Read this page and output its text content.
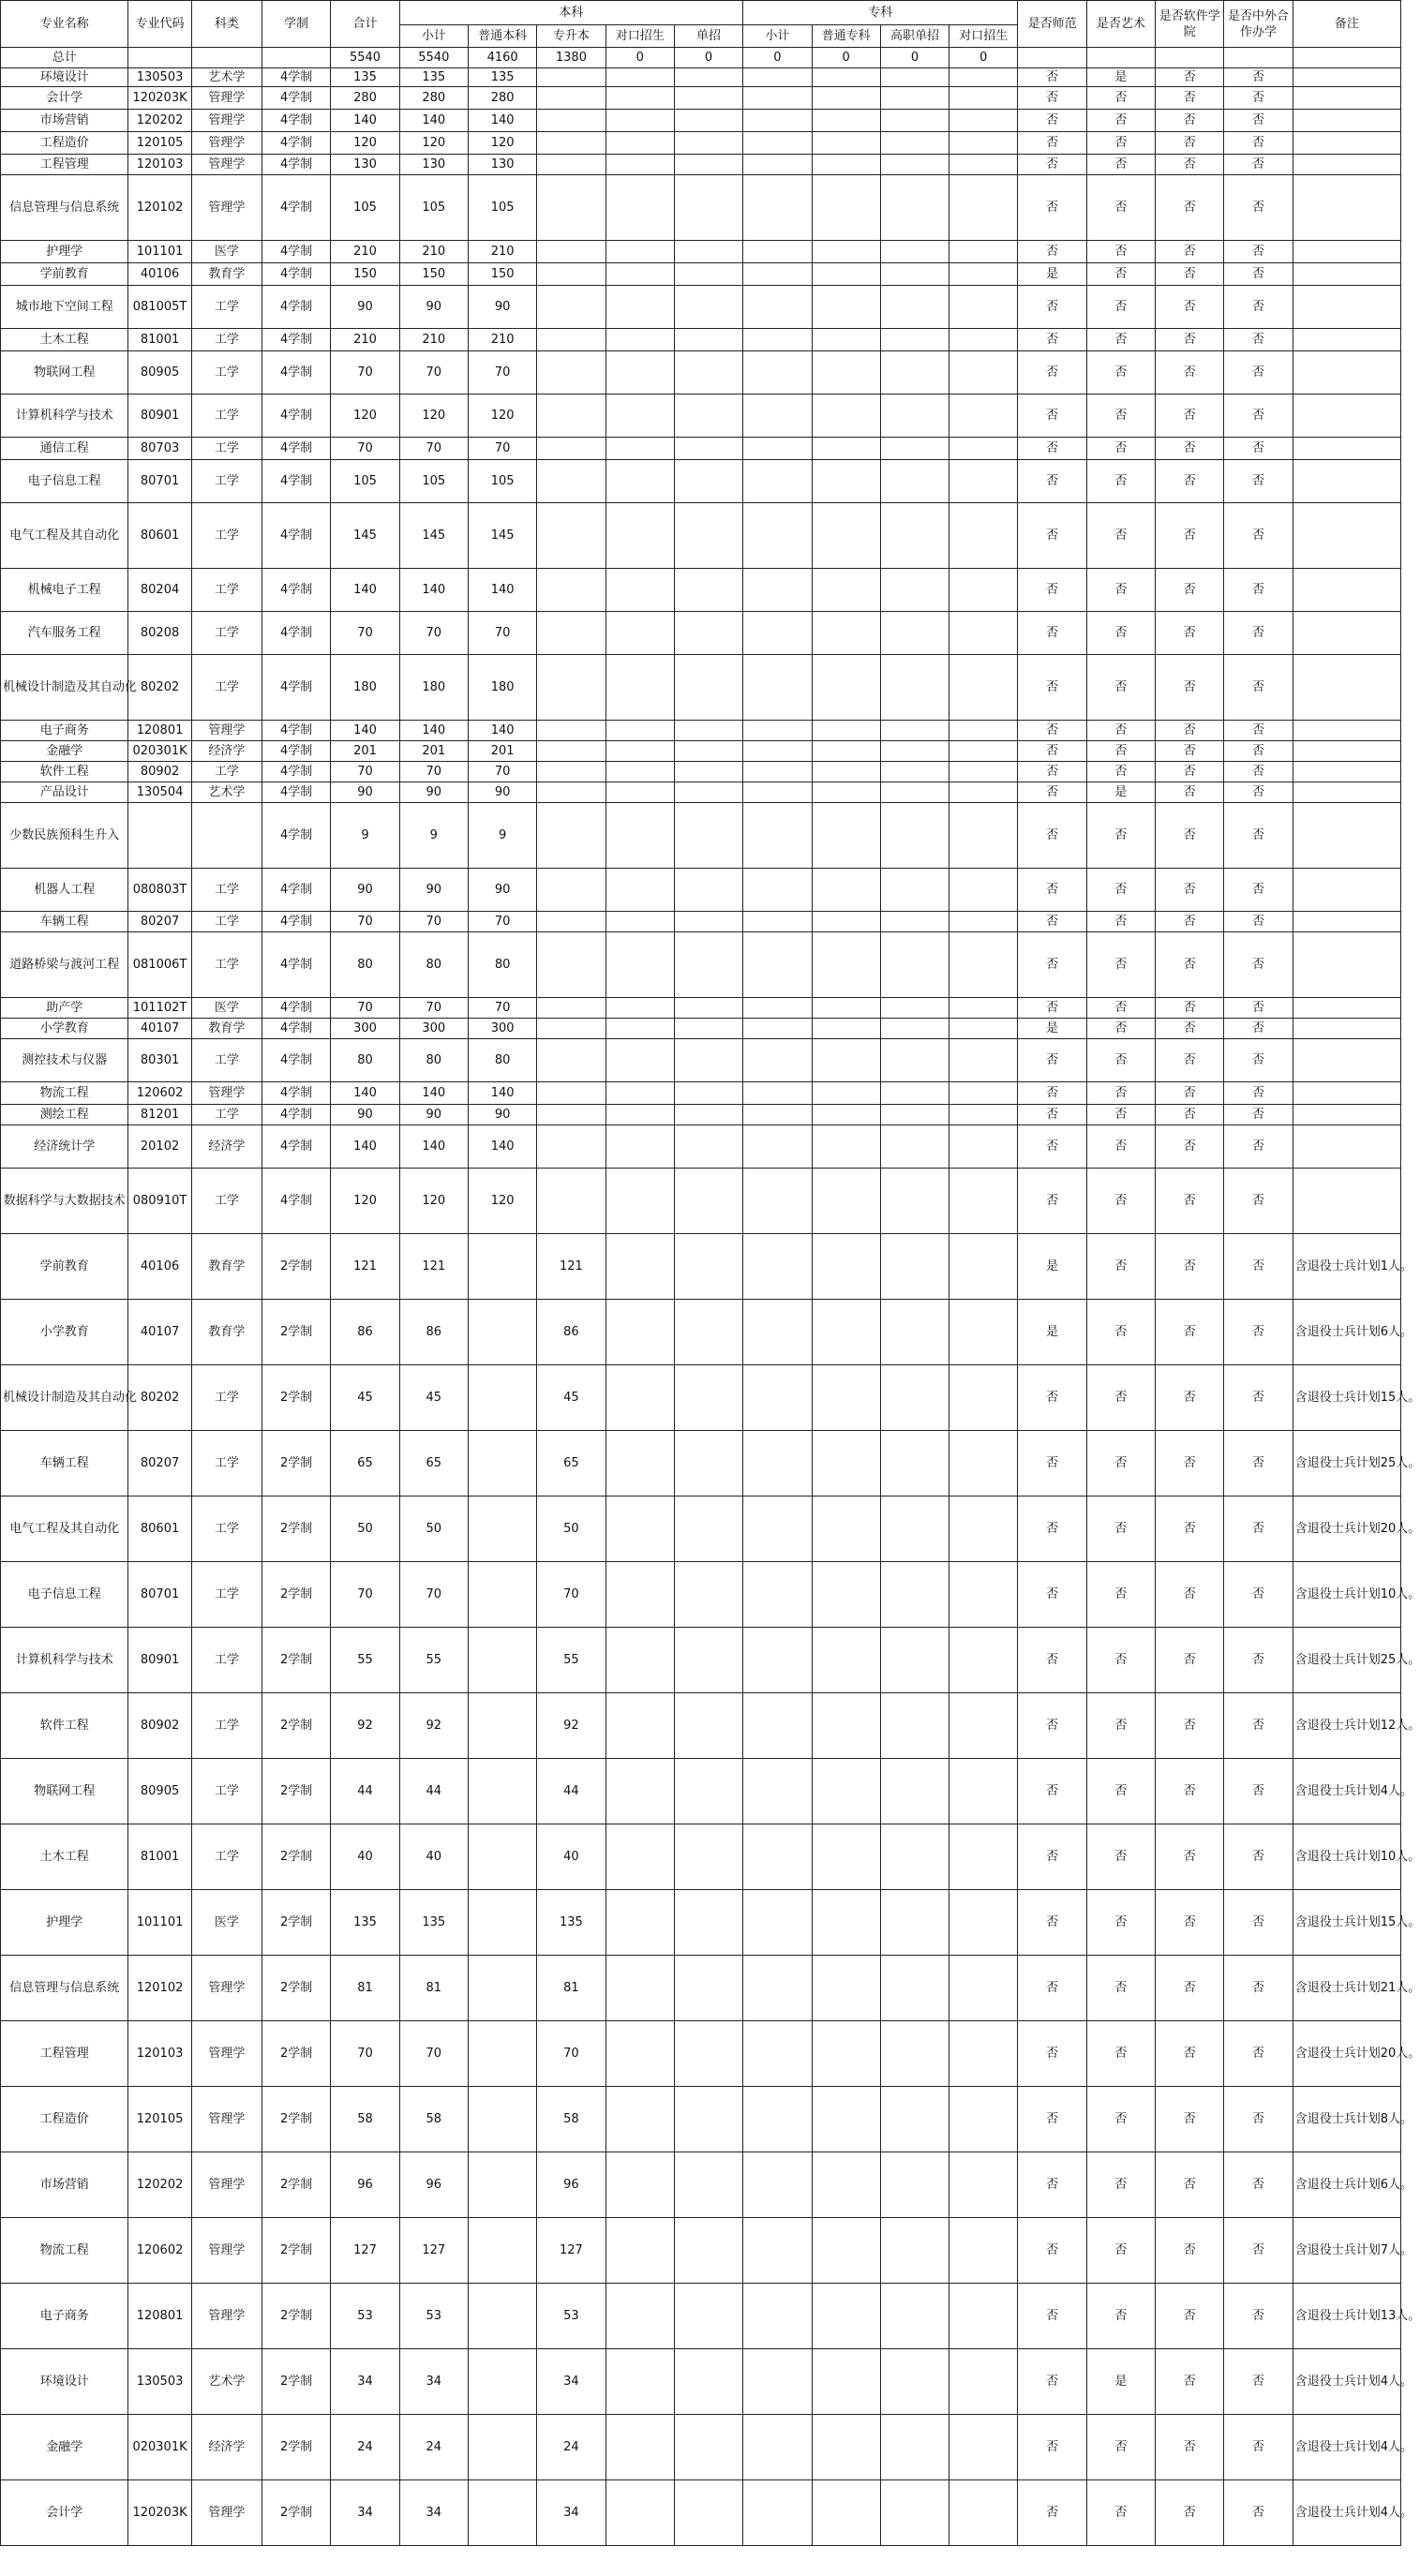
专业名称	专业代码	科类	学制	合计	本科					专科				是否师范	是否艺术	是否软件学院	是否中外合作办学	备注
					小计	普通本科	专升本	对口招生	单招	小计	普通专科	高职单招	对口招生					
总计				5540	5540	4160	1380	0	0	0	0	0	0					
环境设计	130503	艺术学	4学制	135	135	135								否	是	否	否	
会计学	120203K	管理学	4学制	280	280	280								否	否	否	否	
市场营销	120202	管理学	4学制	140	140	140								否	否	否	否	
工程造价	120105	管理学	4学制	120	120	120								否	否	否	否	
工程管理	120103	管理学	4学制	130	130	130								否	否	否	否	
信息管理与信息系统	120102	管理学	4学制	105	105	105								否	否	否	否	
护理学	101101	医学	4学制	210	210	210								否	否	否	否	
学前教育	40106	教育学	4学制	150	150	150								是	否	否	否	
城市地下空间工程	081005T	工学	4学制	90	90	90								否	否	否	否	
土木工程	81001	工学	4学制	210	210	210								否	否	否	否	
物联网工程	80905	工学	4学制	70	70	70								否	否	否	否	
计算机科学与技术	80901	工学	4学制	120	120	120								否	否	否	否	
通信工程	80703	工学	4学制	70	70	70								否	否	否	否	
电子信息工程	80701	工学	4学制	105	105	105								否	否	否	否	
电气工程及其自动化	80601	工学	4学制	145	145	145								否	否	否	否	
机械电子工程	80204	工学	4学制	140	140	140								否	否	否	否	
汽车服务工程	80208	工学	4学制	70	70	70								否	否	否	否	
机械设计制造及其自动化	80202	工学	4学制	180	180	180								否	否	否	否	
电子商务	120801	管理学	4学制	140	140	140								否	否	否	否	
金融学	020301K	经济学	4学制	201	201	201								否	否	否	否	
软件工程	80902	工学	4学制	70	70	70								否	否	否	否	
产品设计	130504	艺术学	4学制	90	90	90								否	是	否	否	
少数民族预科生升入			4学制	9	9	9								否	否	否	否	
机器人工程	080803T	工学	4学制	90	90	90								否	否	否	否	
车辆工程	80207	工学	4学制	70	70	70								否	否	否	否	
道路桥梁与渡河工程	081006T	工学	4学制	80	80	80								否	否	否	否	
助产学	101102T	医学	4学制	70	70	70								否	否	否	否	
小学教育	40107	教育学	4学制	300	300	300								是	否	否	否	
测控技术与仪器	80301	工学	4学制	80	80	80								否	否	否	否	
物流工程	120602	管理学	4学制	140	140	140								否	否	否	否	
测绘工程	81201	工学	4学制	90	90	90								否	否	否	否	
经济统计学	20102	经济学	4学制	140	140	140								否	否	否	否	
数据科学与大数据技术	080910T	工学	4学制	120	120	120								否	否	否	否	
学前教育	40106	教育学	2学制	121	121		121							是	否	否	否	含退役士兵计划1人。
小学教育	40107	教育学	2学制	86	86		86							是	否	否	否	含退役士兵计划6人。
机械设计制造及其自动化	80202	工学	2学制	45	45		45							否	否	否	否	含退役士兵计划15人。
车辆工程	80207	工学	2学制	65	65		65							否	否	否	否	含退役士兵计划25人。
电气工程及其自动化	80601	工学	2学制	50	50		50							否	否	否	否	含退役士兵计划20人。
电子信息工程	80701	工学	2学制	70	70		70							否	否	否	否	含退役士兵计划10人。
计算机科学与技术	80901	工学	2学制	55	55		55							否	否	否	否	含退役士兵计划25人。
软件工程	80902	工学	2学制	92	92		92							否	否	否	否	含退役士兵计划12人。
物联网工程	80905	工学	2学制	44	44		44							否	否	否	否	含退役士兵计划4人。
土木工程	81001	工学	2学制	40	40		40							否	否	否	否	含退役士兵计划10人。
护理学	101101	医学	2学制	135	135		135							否	否	否	否	含退役士兵计划15人。
信息管理与信息系统	120102	管理学	2学制	81	81		81							否	否	否	否	含退役士兵计划21人。
工程管理	120103	管理学	2学制	70	70		70							否	否	否	否	含退役士兵计划20人。
工程造价	120105	管理学	2学制	58	58		58							否	否	否	否	含退役士兵计划8人。
市场营销	120202	管理学	2学制	96	96		96							否	否	否	否	含退役士兵计划6人。
物流工程	120602	管理学	2学制	127	127		127							否	否	否	否	含退役士兵计划7人。
电子商务	120801	管理学	2学制	53	53		53							否	否	否	否	含退役士兵计划13人。
环境设计	130503	艺术学	2学制	34	34		34							否	是	否	否	含退役士兵计划4人。
金融学	020301K	经济学	2学制	24	24		24							否	否	否	否	含退役士兵计划4人。
会计学	120203K	管理学	2学制	34	34		34							否	否	否	否	含退役士兵计划4人。
